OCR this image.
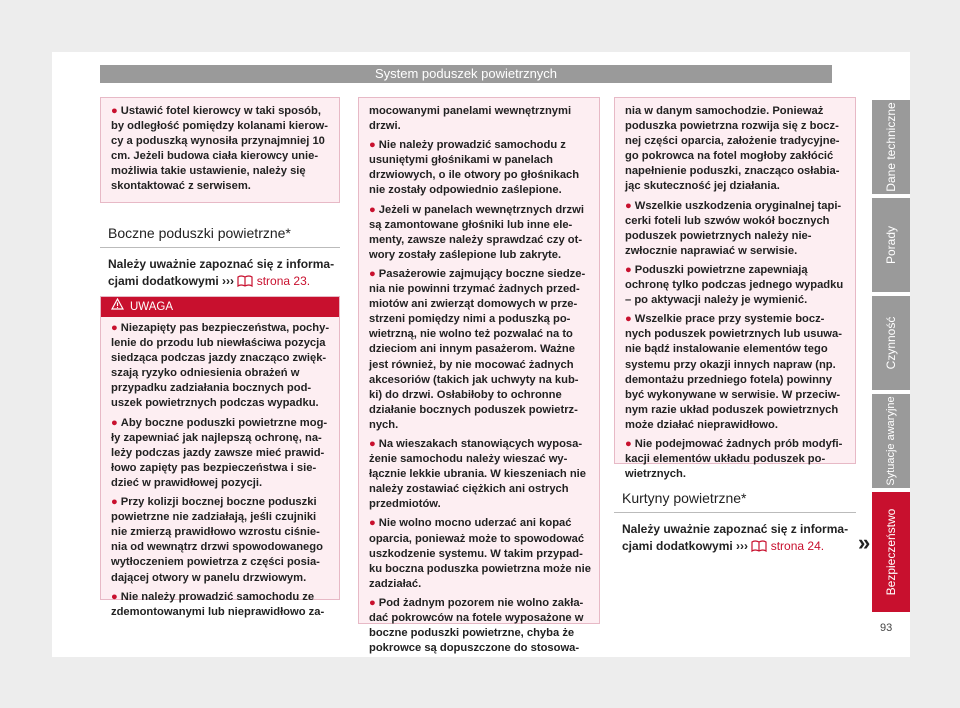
System poduszek powietrznych

● Ustawić fotel kierowcy w taki sposób, by odległość pomiędzy kolanami kierow- cy a poduszką wynosiła przynajmniej 10 cm. Jeżeli budowa ciała kierowcy unie- możliwia takie ustawienie, należy się skontaktować z serwisem.

Boczne poduszki powietrzne*
Należy uważnie zapoznać się z informa- cjami dodatkowymi ››› strona 23.
UWAGA

● Niezapięty pas bezpieczeństwa, pochy- lenie do przodu lub niewłaściwa pozycja siedząca podczas jazdy znacząco zwięk- szają ryzyko odniesienia obrażeń w przypadku zadziałania bocznych pod- uszek powietrznych podczas wypadku.

● Aby boczne poduszki powietrzne mog- ły zapewniać jak najlepszą ochronę, na- leży podczas jazdy zawsze mieć prawid- łowo zapięty pas bezpieczeństwa i sie- dzieć w prawidłowej pozycji.

● Przy kolizji bocznej boczne poduszki powietrzne nie zadziałają, jeśli czujniki nie zmierzą prawidłowo wzrostu ciśnie- nia od wewnątrz drzwi spowodowanego wytłoczeniem powietrza z części posia- dającej otwory w panelu drzwiowym.

● Nie należy prowadzić samochodu ze zdemontowanymi lub nieprawidłowo za-

mocowanymi panelami wewnętrznymi drzwi.

● Nie należy prowadzić samochodu z usuniętymi głośnikami w panelach drzwiowych, o ile otwory po głośnikach nie zostały odpowiednio zaślepione.

● Jeżeli w panelach wewnętrznych drzwi są zamontowane głośniki lub inne ele- menty, zawsze należy sprawdzać czy ot- wory zostały zaślepione lub zakryte.

● Pasażerowie zajmujący boczne siedze- nia nie powinni trzymać żadnych przed- miotów ani zwierząt domowych w prze- strzeni pomiędzy nimi a poduszką po- wietrzną, nie wolno też pozwalać na to dzieciom ani innym pasażerom. Ważne jest również, by nie mocować żadnych akcesoriów (takich jak uchwyty na kub- ki) do drzwi. Osłabiłoby to ochronne działanie bocznych poduszek powietrz- nych.

● Na wieszakach stanowiących wyposa- żenie samochodu należy wieszać wy- łącznie lekkie ubrania. W kieszeniach nie należy zostawiać ciężkich ani ostrych przedmiotów.

● Nie wolno mocno uderzać ani kopać oparcia, ponieważ może to spowodować uszkodzenie systemu. W takim przypad- ku boczna poduszka powietrzna może nie zadziałać.

● Pod żadnym pozorem nie wolno zakła- dać pokrowców na fotele wyposażone w boczne poduszki powietrzne, chyba że pokrowce są dopuszczone do stosowa-

nia w danym samochodzie. Ponieważ poduszka powietrzna rozwija się z bocz- nej części oparcia, założenie tradycyjne- go pokrowca na fotel mogłoby zakłócić napełnienie poduszki, znacząco osłabia- jąc skuteczność jej działania.

● Wszelkie uszkodzenia oryginalnej tapi- cerki foteli lub szwów wokół bocznych poduszek powietrznych należy nie- zwłocznie naprawiać w serwisie.

● Poduszki powietrzne zapewniają ochronę tylko podczas jednego wypadku – po aktywacji należy je wymienić.

● Wszelkie prace przy systemie bocz- nych poduszek powietrznych lub usuwa- nie bądź instalowanie elementów tego systemu przy okazji innych napraw (np. demontażu przedniego fotela) powinny być wykonywane w serwisie. W przeciw- nym razie układ poduszek powietrznych może działać nieprawidłowo.

● Nie podejmować żadnych prób modyfi- kacji elementów układu poduszek po- wietrznych.

Kurtyny powietrzne*
Należy uważnie zapoznać się z informa- cjami dodatkowymi ››› strona 24.	»
Dane techniczne
Porady
Czynność
Sytuacje awaryjne
Bezpieczeństwo
93
